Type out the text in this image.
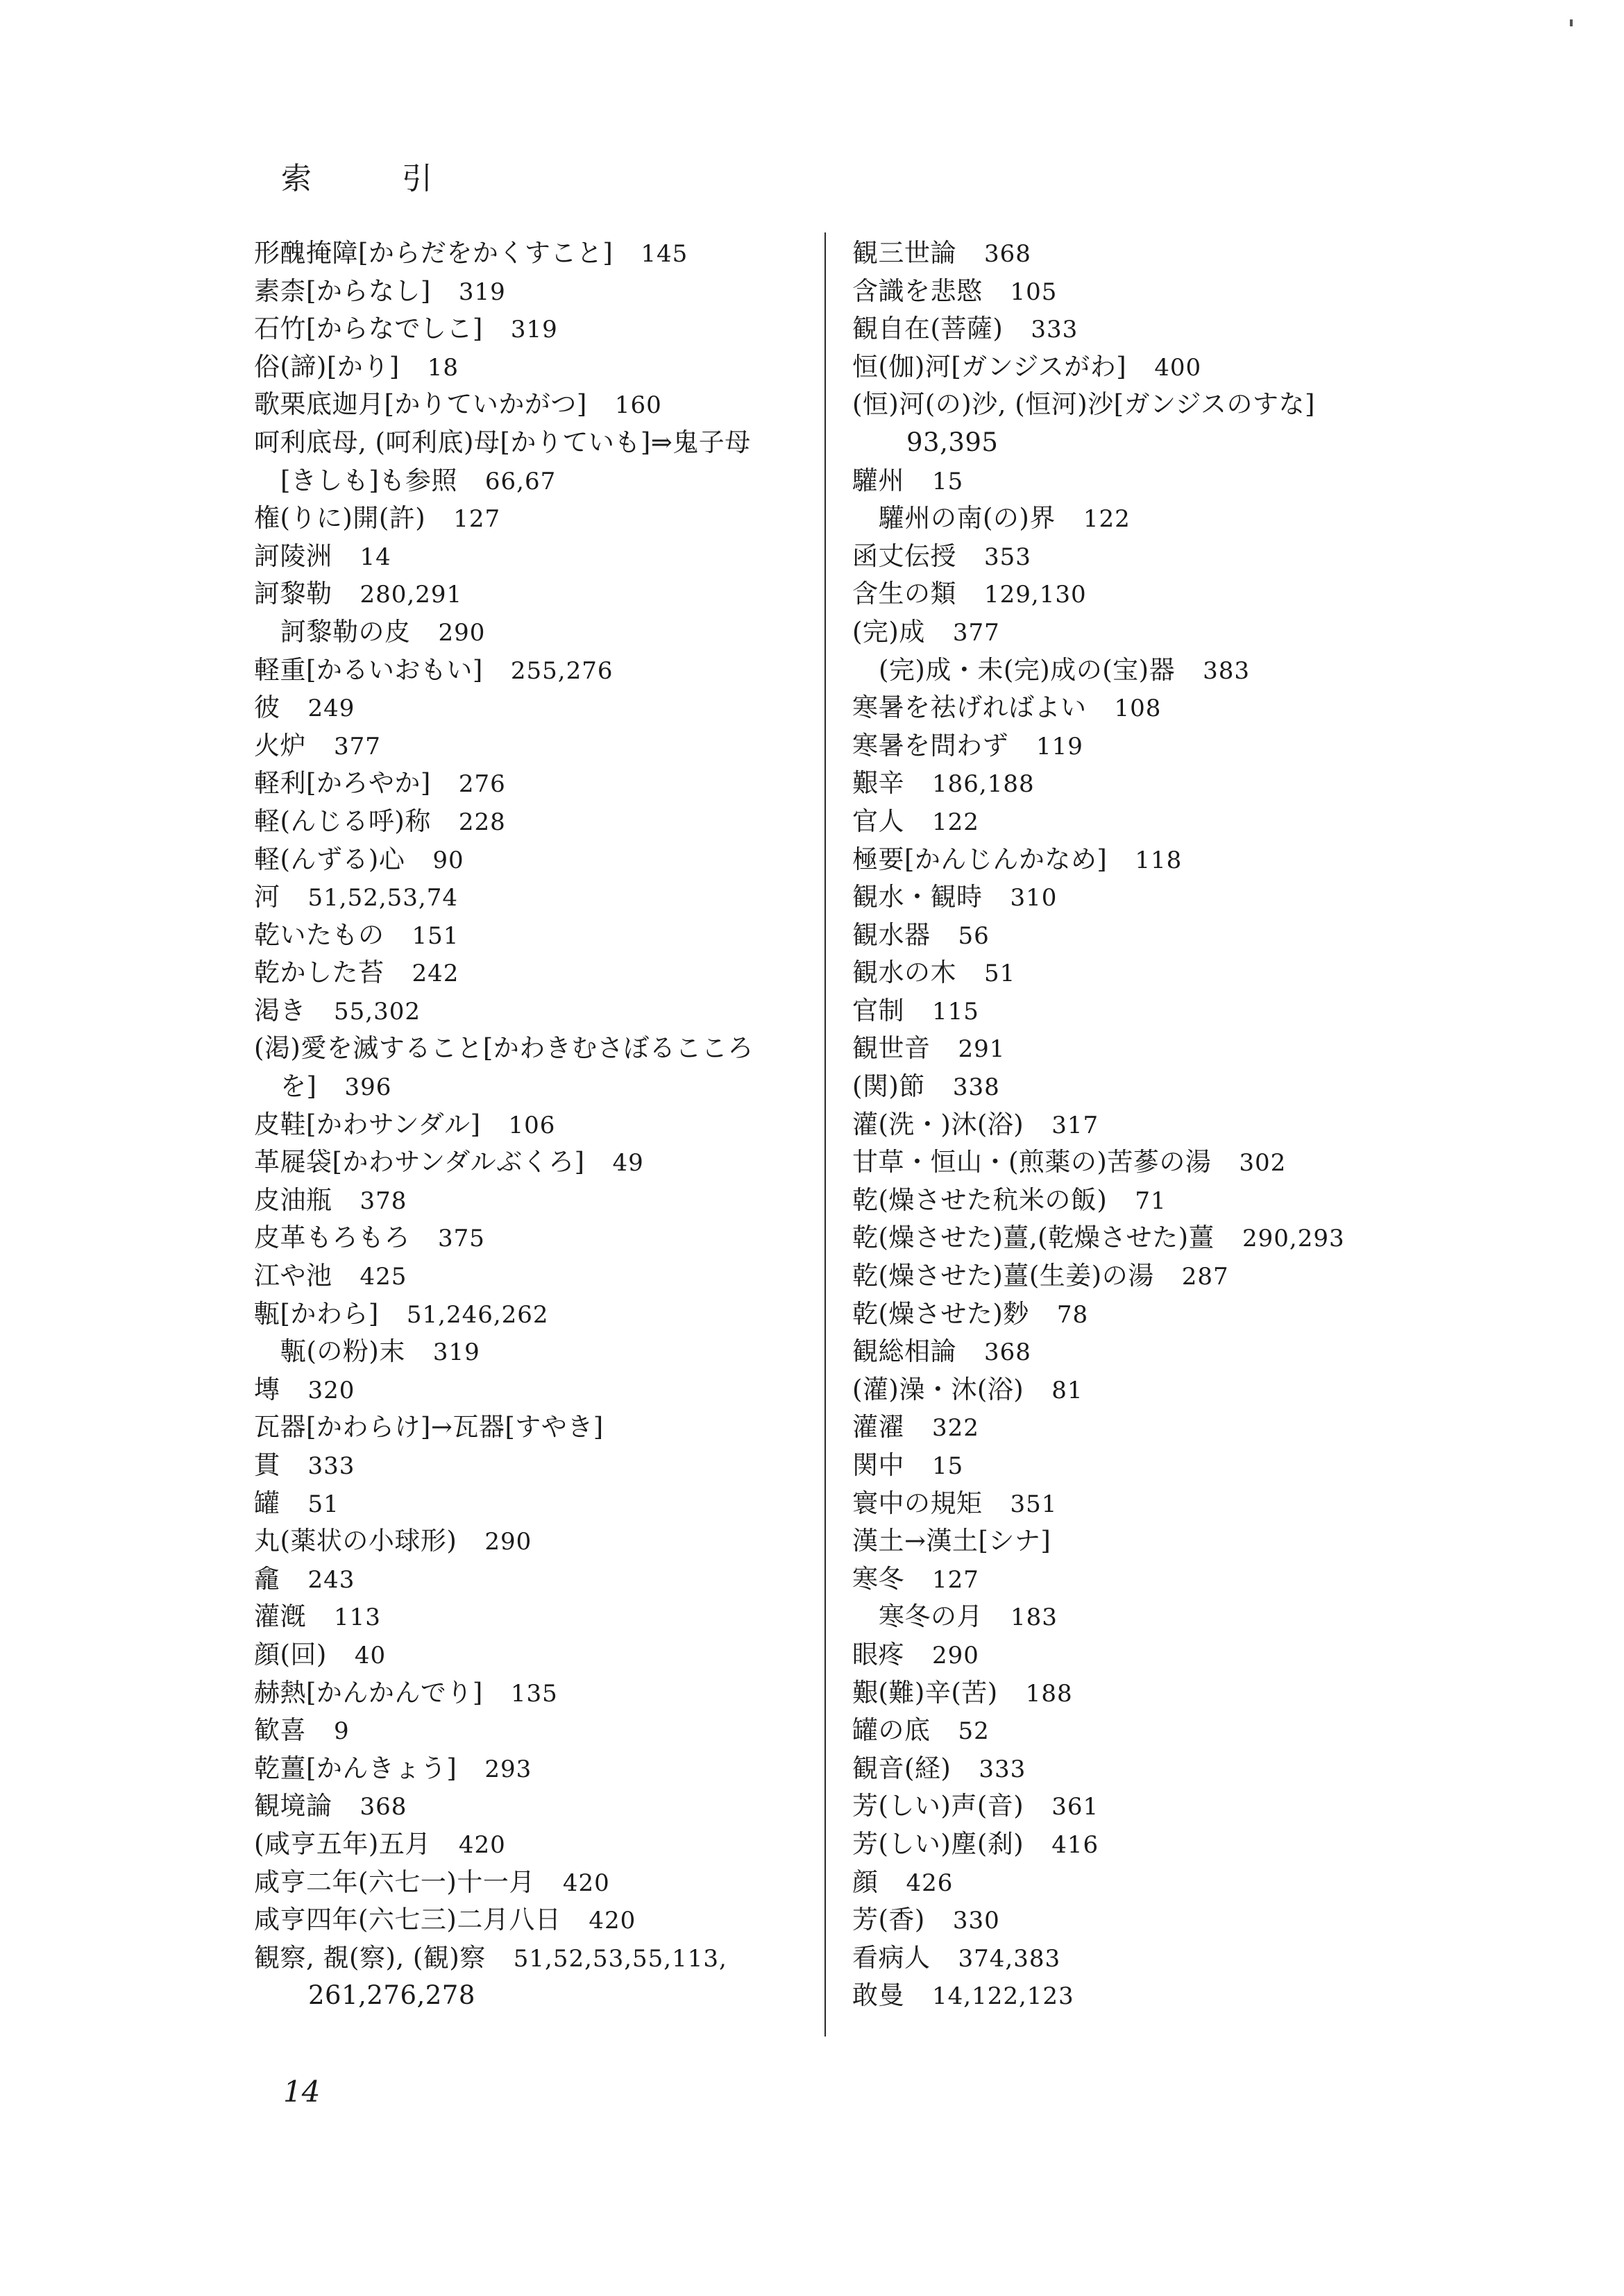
索 引
形醜掩障[からだをかくすこと] 145
素柰[からなし] 319
石竹[からなでしこ] 319
俗(諦)[かり] 18
歌栗底迦月[かりていかがつ] 160
呵利底母, (呵利底)母[かりていも]⇒鬼子母
[きしも]も参照 66,67
権(りに)開(許) 127
訶陵洲 14
訶黎勒 280,291
訶黎勒の皮 290
軽重[かるいおもい] 255,276
彼 249
火炉 377
軽利[かろやか] 276
軽(んじる呼)称 228
軽(んずる)心 90
河 51,52,53,74
乾いたもの 151
乾かした苔 242
渇き 55,302
(渇)愛を滅すること[かわきむさぼるこころ
を] 396
皮鞋[かわサンダル] 106
革屣袋[かわサンダルぶくろ] 49
皮油瓶 378
皮革もろもろ 375
江や池 425
甎[かわら] 51,246,262
甎(の粉)末 319
塼 320
瓦器[かわらけ]→瓦器[すやき]
貫 333
罐 51
丸(薬状の小球形) 290
龕 243
灌漑 113
顔(回) 40
赫熱[かんかんでり] 135
歓喜 9
乾薑[かんきょう] 293
観境論 368
(咸亨五年)五月 420
咸亨二年(六七一)十一月 420
咸亨四年(六七三)二月八日 420
観察, 覩(察), (観)察 51,52,53,55,113,
261,276,278
観三世論 368
含識を悲愍 105
観自在(菩薩) 333
恒(伽)河[ガンジスがわ] 400
(恒)河(の)沙, (恒河)沙[ガンジスのすな]
93,395
驩州 15
驩州の南(の)界 122
函丈伝授 353
含生の類 129,130
(完)成 377
(完)成・未(完)成の(宝)器 383
寒暑を祛げればよい 108
寒暑を問わず 119
艱辛 186,188
官人 122
極要[かんじんかなめ] 118
観水・観時 310
観水器 56
観水の木 51
官制 115
観世音 291
(関)節 338
灌(洗・)沐(浴) 317
甘草・恒山・(煎薬の)苦蔘の湯 302
乾(燥させた秔米の飯) 71
乾(燥させた)薑,(乾燥させた)薑 290,293
乾(燥させた)薑(生姜)の湯 287
乾(燥させた)麨 78
観総相論 368
(灌)澡・沐(浴) 81
灌濯 322
関中 15
寰中の規矩 351
漢土→漢土[シナ]
寒冬 127
寒冬の月 183
眼疼 290
艱(難)辛(苦) 188
罐の底 52
観音(経) 333
芳(しい)声(音) 361
芳(しい)塵(刹) 416
顔 426
芳(香) 330
看病人 374,383
敢曼 14,122,123
14
